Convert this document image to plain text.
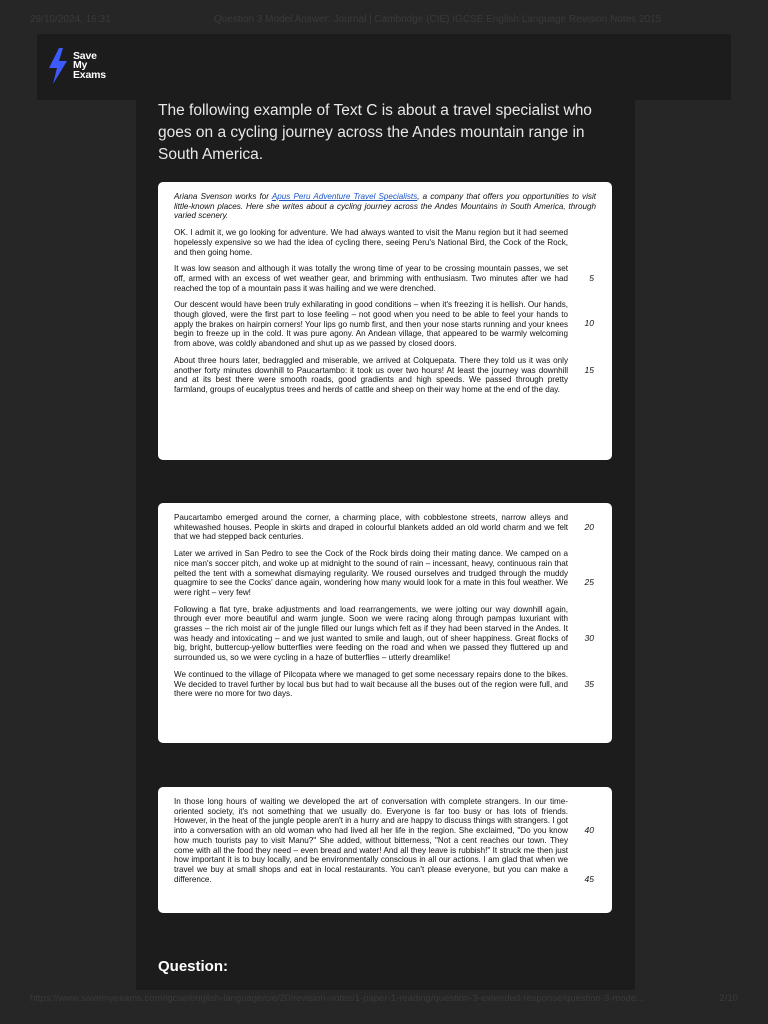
29/10/2024, 16:31	Question 3 Model Answer: Journal | Cambridge (CIE) IGCSE English Language Revision Notes 2015
Save
My
Exams
The following example of Text C is about a travel specialist who goes on a cycling journey across the Andes mountain range in South America.

Ariana Svenson works for Apus Peru Adventure Travel Specialists, a company that offers you opportunities to visit little-known places. Here she writes about a cycling journey across the Andes Mountains in South America, through varied scenery.

OK. I admit it, we go looking for adventure. We had always wanted to visit the Manu region but it had seemed hopelessly expensive so we had the idea of cycling there, seeing Peru's National Bird, the Cock of the Rock, and then going home.

It was low season and although it was totally the wrong time of year to be crossing mountain passes, we set off, armed with an excess of wet weather gear, and brimming with enthusiasm. Two minutes after we had reached the top of a mountain pass it was hailing and we were drenched.
5

Our descent would have been truly exhilarating in good conditions – when it's freezing it is hellish. Our hands, though gloved, were the first part to lose feeling – not good when you need to be able to feel your hands to apply the brakes on hairpin corners! Your lips go numb first, and then your nose starts running and your knees begin to freeze up in the cold. It was pure agony. An Andean village, that appeared to be warmly welcoming from above, was coldly abandoned and shut up as we passed by closed doors.
10

About three hours later, bedraggled and miserable, we arrived at Colquepata. There they told us it was only another forty minutes downhill to Paucartambo: it took us over two hours! At least the journey was downhill and at its best there were smooth roads, good gradients and high speeds. We passed through pretty farmland, groups of eucalyptus trees and herds of cattle and sheep on their way home at the end of the day.
15

Paucartambo emerged around the corner, a charming place, with cobblestone streets, narrow alleys and whitewashed houses. People in skirts and draped in colourful blankets added an old world charm and we felt that we had stepped back centuries.
20

Later we arrived in San Pedro to see the Cock of the Rock birds doing their mating dance. We camped on a nice man's soccer pitch, and woke up at midnight to the sound of rain – incessant, heavy, continuous rain that pelted the tent with a somewhat dismaying regularity. We roused ourselves and trudged through the muddy quagmire to see the Cocks' dance again, wondering how many would look for a mate in this foul weather. We were right – very few!
25

Following a flat tyre, brake adjustments and load rearrangements, we were jolting our way downhill again, through ever more beautiful and warm jungle. Soon we were racing along through pampas luxuriant with grasses – the rich moist air of the jungle filled our lungs which felt as if they had been starved in the Andes. It was heady and intoxicating – and we just wanted to smile and laugh, out of sheer happiness. Great flocks of big, bright, buttercup-yellow butterflies were feeding on the road and when we passed they fluttered up and surrounded us, so we were cycling in a haze of butterflies – utterly dreamlike!
30

We continued to the village of Pilcopata where we managed to get some necessary repairs done to the bikes. We decided to travel further by local bus but had to wait because all the buses out of the region were full, and there were no more for two days.
35

In those long hours of waiting we developed the art of conversation with complete strangers. In our time-oriented society, it's not something that we usually do. Everyone is far too busy or has lots of friends. However, in the heat of the jungle people aren't in a hurry and are happy to discuss things with strangers. I got into a conversation with an old woman who had lived all her life in the region. She exclaimed, "Do you know how much tourists pay to visit Manu?" She added, without bitterness, "Not a cent reaches our town. They come with all the food they need – even bread and water! And all they leave is rubbish!" It struck me then just how important it is to buy locally, and be environmentally conscious in all our actions. I am glad that when we travel we buy at small shops and eat in local restaurants. You can't please everyone, but you can make a difference.
40
45

Question:
https://www.savemyexams.com/igcse/english-language/cie/20/revision-notes/1-paper-1-reading/question-3-extended-response/question-3-mode...	2/10
